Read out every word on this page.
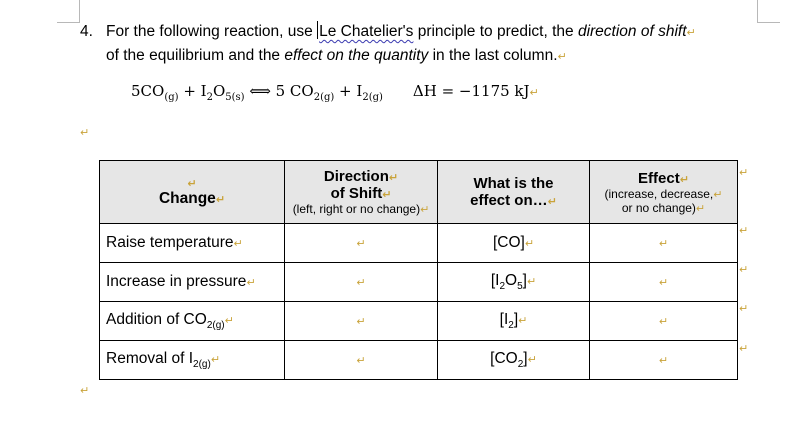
4. For the following reaction, use Le Chatelier's principle to predict, the direction of shift↵
of the equilibrium and the effect on the quantity in the last column.↵
$5CO_{(g)} + I_2O_{5(s)}$ ⟺ 5 $CO_{2(g)} + I_{2(g)}$ ΔH = −1175 kJ↵
↵
↵
↵
Change↵	Direction↵
of Shift↵
(left, right or no change)↵	What is the
effect on…↵	Effect↵
(increase, decrease,↵
or no change)↵

Raise temperature↵	↵	[CO]↵	↵
Increase in pressure↵	↵	$[I_2O_5]↵$	↵
Addition of $CO_{2(g)}↵$	↵	$[I_2]↵$	↵
Removal of $I_{2(g)}↵$	↵	$[CO_2]↵$	↵
↵
↵
↵
↵
↵
